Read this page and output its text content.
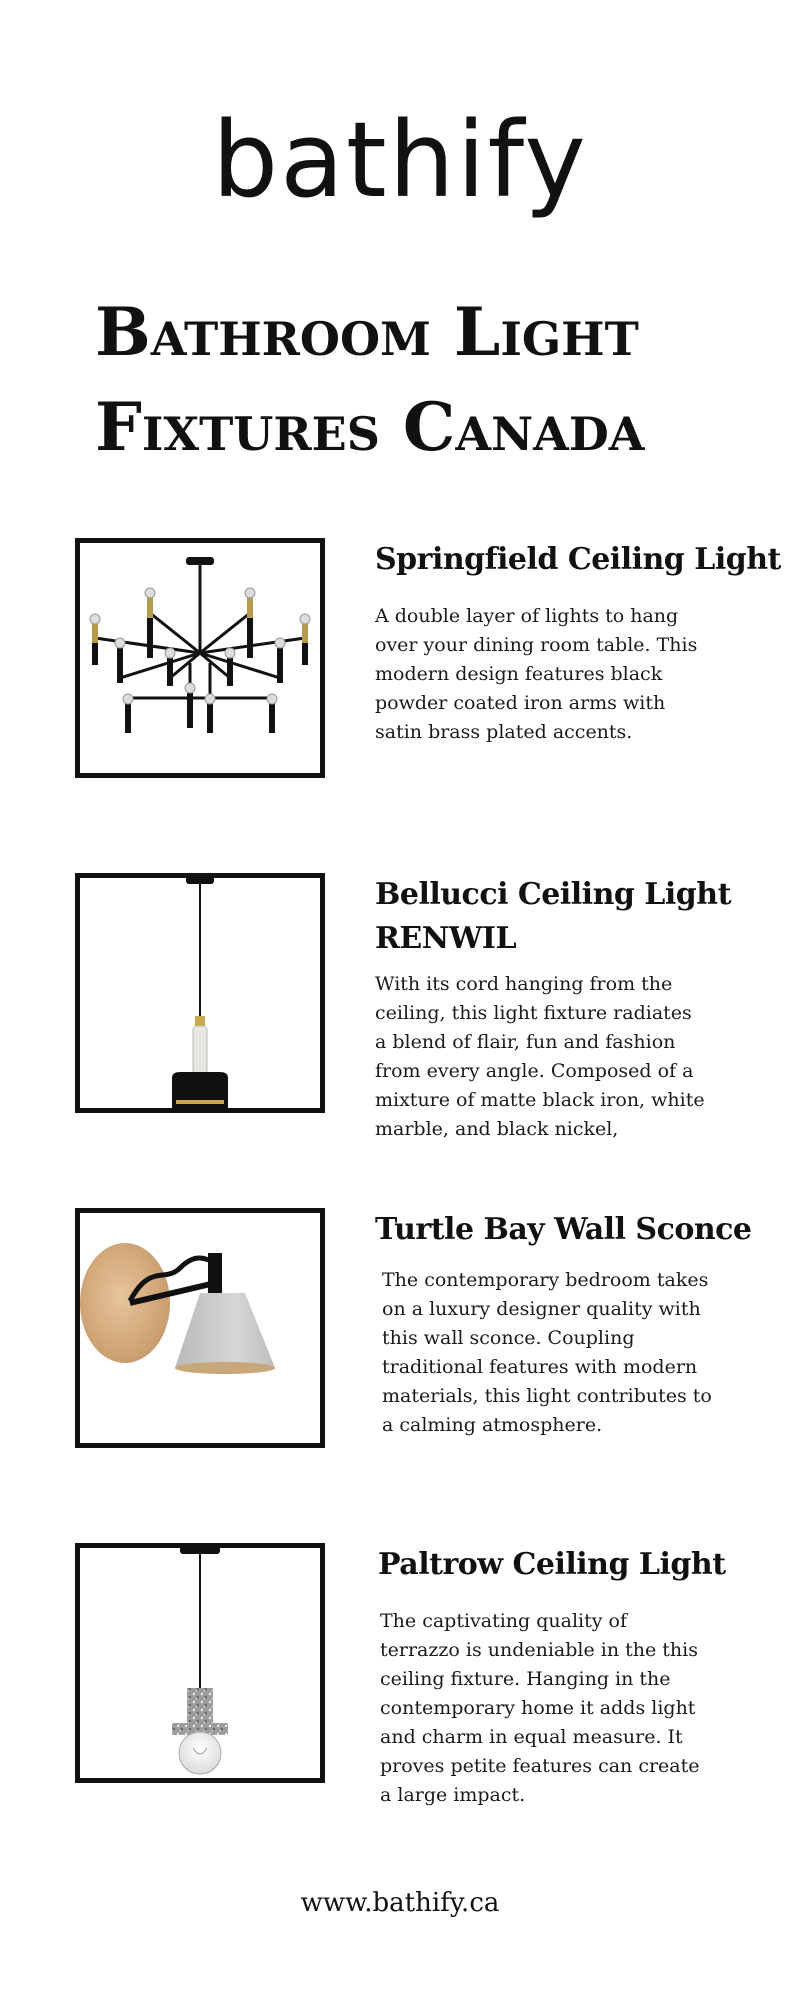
bathify
Bathroom Light
Fixtures Canada
Springfield Ceiling Light

A double layer of lights to hang over your dining room table. This modern design features black powder coated iron arms with satin brass plated accents.

Bellucci Ceiling Light RENWIL

With its cord hanging from the ceiling, this light fixture radiates a blend of flair, fun and fashion from every angle. Composed of a mixture of matte black iron, white marble, and black nickel,

Turtle Bay Wall Sconce

The contemporary bedroom takes on a luxury designer quality with this wall sconce. Coupling traditional features with modern materials, this light contributes to a calming atmosphere.

Paltrow Ceiling Light

The captivating quality of terrazzo is undeniable in the this ceiling fixture. Hanging in the contemporary home it adds light and charm in equal measure. It proves petite features can create a large impact.

www.bathify.ca
